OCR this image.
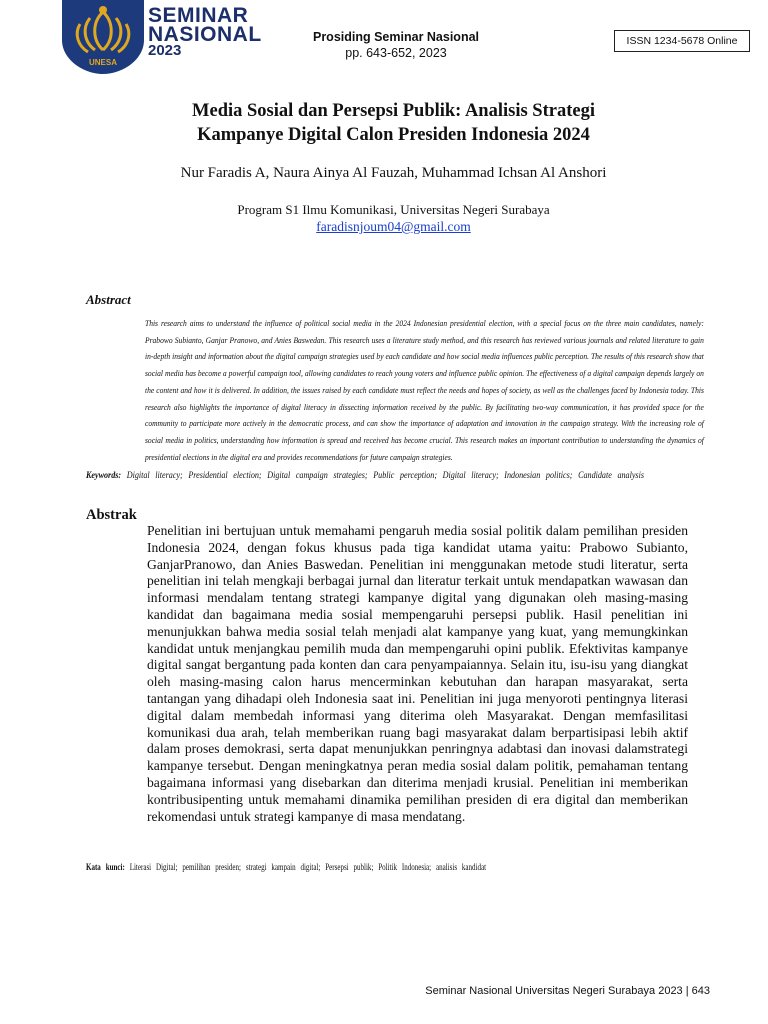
UNESA
SEMINAR
NASIONAL
2023
Prosiding Seminar Nasional
pp. 643-652, 2023
ISSN 1234-5678 Online
Media Sosial dan Persepsi Publik: Analisis Strategi
Kampanye Digital Calon Presiden Indonesia 2024
Nur Faradis A, Naura Ainya Al Fauzah, Muhammad Ichsan Al Anshori
Program S1 Ilmu Komunikasi, Universitas Negeri Surabaya
faradisnjoum04@gmail.com
Abstract
This research aims to understand the influence of political social media in the 2024 Indonesian presidential election, with a special focus on the three main candidates, namely: Prabowo Subianto, Ganjar Pranowo, and Anies Baswedan. This research uses a literature study method, and this research has reviewed various journals and related literature to gain in-depth insight and information about the digital campaign strategies used by each candidate and how social media influences public perception. The results of this research show that social media has become a powerful campaign tool, allowing candidates to reach young voters and influence public opinion. The effectiveness of a digital campaign depends largely on the content and how it is delivered. In addition, the issues raised by each candidate must reflect the needs and hopes of society, as well as the challenges faced by Indonesia today. This research also highlights the importance of digital literacy in dissecting information received by the public. By facilitating two-way communication, it has provided space for the community to participate more actively in the democratic process, and can show the importance of adaptation and innovation in the campaign strategy. With the increasing role of social media in politics, understanding how information is spread and received has become crucial. This research makes an important contribution to understanding the dynamics of presidential elections in the digital era and provides recommendations for future campaign strategies.
Keywords: Digital literacy; Presidential election; Digital campaign strategies; Public perception; Digital literacy; Indonesian politics; Candidate analysis
Abstrak
Penelitian ini bertujuan untuk memahami pengaruh media sosial politik dalam pemilihan presiden Indonesia 2024, dengan fokus khusus pada tiga kandidat utama yaitu: Prabowo Subianto, GanjarPranowo, dan Anies Baswedan. Penelitian ini menggunakan metode studi literatur, serta penelitian ini telah mengkaji berbagai jurnal dan literatur terkait untuk mendapatkan wawasan dan informasi mendalam tentang strategi kampanye digital yang digunakan oleh masing-masing kandidat dan bagaimana media sosial mempengaruhi persepsi publik. Hasil penelitian ini menunjukkan bahwa media sosial telah menjadi alat kampanye yang kuat, yang memungkinkan kandidat untuk menjangkau pemilih muda dan mempengaruhi opini publik. Efektivitas kampanye digital sangat bergantung pada konten dan cara penyampaiannya. Selain itu, isu-isu yang diangkat oleh masing-masing calon harus mencerminkan kebutuhan dan harapan masyarakat, serta tantangan yang dihadapi oleh Indonesia saat ini. Penelitian ini juga menyoroti pentingnya literasi digital dalam membedah informasi yang diterima oleh Masyarakat. Dengan memfasilitasi komunikasi dua arah, telah memberikan ruang bagi masyarakat dalam berpartisipasi lebih aktif dalam proses demokrasi, serta dapat menunjukkan penringnya adabtasi dan inovasi dalamstrategi kampanye tersebut. Dengan meningkatnya peran media sosial dalam politik, pemahaman tentang bagaimana informasi yang disebarkan dan diterima menjadi krusial. Penelitian ini memberikan kontribusipenting untuk memahami dinamika pemilihan presiden di era digital dan memberikan rekomendasi untuk strategi kampanye di masa mendatang.
Kata kunci: Literasi Digital; pemilihan presiden; strategi kampain digital; Persepsi publik; Politik Indonesia; analisis kandidat
Seminar Nasional Universitas Negeri Surabaya 2023 | 643
